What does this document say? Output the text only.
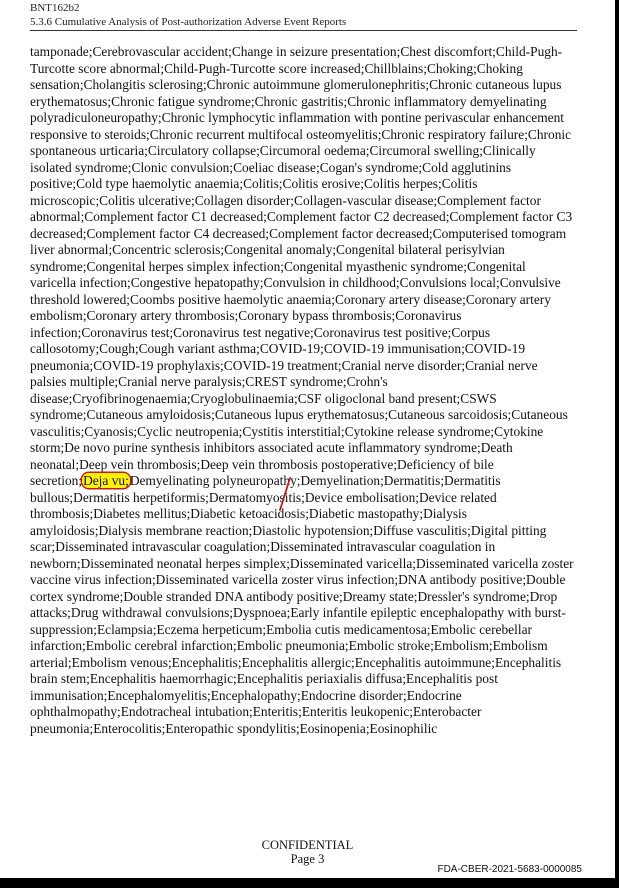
BNT162b2
5.3.6 Cumulative Analysis of Post-authorization Adverse Event Reports

tamponade;Cerebrovascular accident;Change in seizure presentation;Chest discomfort;Child-Pugh-Turcotte score abnormal;Child-Pugh-Turcotte score increased;Chillblains;Choking;Choking sensation;Cholangitis sclerosing;Chronic autoimmune glomerulonephritis;Chronic cutaneous lupus erythematosus;Chronic fatigue syndrome;Chronic gastritis;Chronic inflammatory demyelinating polyradiculoneuropathy;Chronic lymphocytic inflammation with pontine perivascular enhancement responsive to steroids;Chronic recurrent multifocal osteomyelitis;Chronic respiratory failure;Chronic spontaneous urticaria;Circulatory collapse;Circumoral oedema;Circumoral swelling;Clinically isolated syndrome;Clonic convulsion;Coeliac disease;Cogan's syndrome;Cold agglutinins positive;Cold type haemolytic anaemia;Colitis;Colitis erosive;Colitis herpes;Colitis microscopic;Colitis ulcerative;Collagen disorder;Collagen-vascular disease;Complement factor abnormal;Complement factor C1 decreased;Complement factor C2 decreased;Complement factor C3 decreased;Complement factor C4 decreased;Complement factor decreased;Computerised tomogram liver abnormal;Concentric sclerosis;Congenital anomaly;Congenital bilateral perisylvian syndrome;Congenital herpes simplex infection;Congenital myasthenic syndrome;Congenital varicella infection;Congestive hepatopathy;Convulsion in childhood;Convulsions local;Convulsive threshold lowered;Coombs positive haemolytic anaemia;Coronary artery disease;Coronary artery embolism;Coronary artery thrombosis;Coronary bypass thrombosis;Coronavirus infection;Coronavirus test;Coronavirus test negative;Coronavirus test positive;Corpus callosotomy;Cough;Cough variant asthma;COVID-19;COVID-19 immunisation;COVID-19 pneumonia;COVID-19 prophylaxis;COVID-19 treatment;Cranial nerve disorder;Cranial nerve palsies multiple;Cranial nerve paralysis;CREST syndrome;Crohn's disease;Cryofibrinogenaemia;Cryoglobulinaemia;CSF oligoclonal band present;CSWS syndrome;Cutaneous amyloidosis;Cutaneous lupus erythematosus;Cutaneous sarcoidosis;Cutaneous vasculitis;Cyanosis;Cyclic neutropenia;Cystitis interstitial;Cytokine release syndrome;Cytokine storm;De novo purine synthesis inhibitors associated acute inflammatory syndrome;Death neonatal;Deep vein thrombosis;Deep vein thrombosis postoperative;Deficiency of bile secretion;Deja vu;Demyelinating polyneuropathy;Demyelination;Dermatitis;Dermatitis bullous;Dermatitis herpetiformis;Dermatomyositis;Device embolisation;Device related thrombosis;Diabetes mellitus;Diabetic ketoacidosis;Diabetic mastopathy;Dialysis amyloidosis;Dialysis membrane reaction;Diastolic hypotension;Diffuse vasculitis;Digital pitting scar;Disseminated intravascular coagulation;Disseminated intravascular coagulation in newborn;Disseminated neonatal herpes simplex;Disseminated varicella;Disseminated varicella zoster vaccine virus infection;Disseminated varicella zoster virus infection;DNA antibody positive;Double cortex syndrome;Double stranded DNA antibody positive;Dreamy state;Dressler's syndrome;Drop attacks;Drug withdrawal convulsions;Dyspnoea;Early infantile epileptic encephalopathy with burst-suppression;Eclampsia;Eczema herpeticum;Embolia cutis medicamentosa;Embolic cerebellar infarction;Embolic cerebral infarction;Embolic pneumonia;Embolic stroke;Embolism;Embolism arterial;Embolism venous;Encephalitis;Encephalitis allergic;Encephalitis autoimmune;Encephalitis brain stem;Encephalitis haemorrhagic;Encephalitis periaxialis diffusa;Encephalitis post immunisation;Encephalomyelitis;Encephalopathy;Endocrine disorder;Endocrine ophthalmopathy;Endotracheal intubation;Enteritis;Enteritis leukopenic;Enterobacter pneumonia;Enterocolitis;Enteropathic spondylitis;Eosinopenia;Eosinophilic

CONFIDENTIAL
Page 3
FDA-CBER-2021-5683-0000085
